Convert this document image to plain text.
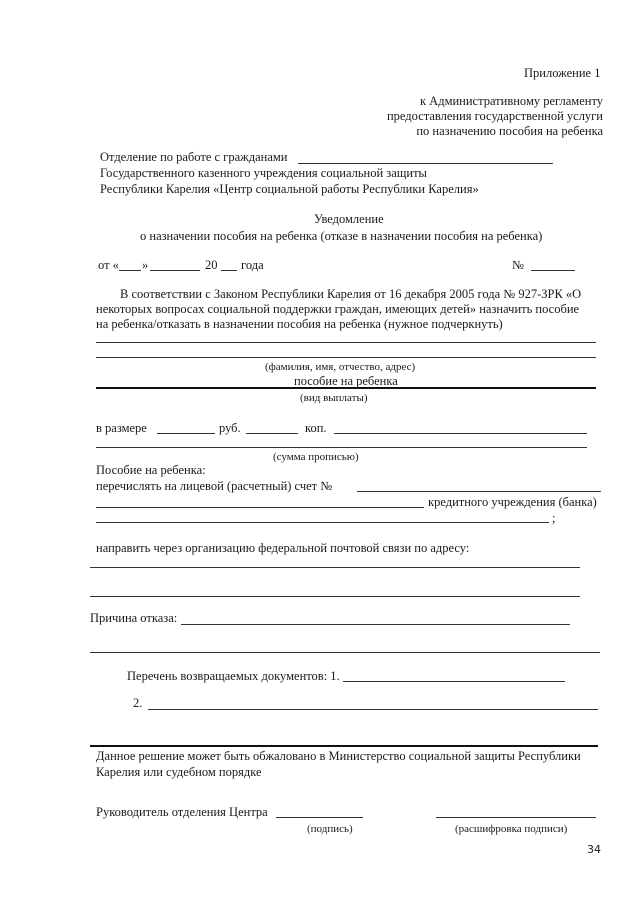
Приложение 1
к Административному регламенту
предоставления государственной услуги
по назначению пособия на ребенка
Отделение по работе с гражданами
Государственного казенного учреждения социальной защиты
Республики Карелия «Центр социальной работы Республики Карелия»
Уведомление
о назначении пособия на ребенка (отказе в назначении пособия на ребенка)
от « »	20 года	№
В соответствии с Законом Республики Карелия от 16 декабря 2005 года № 927-ЗРК «О
некоторых вопросах социальной поддержки граждан, имеющих детей» назначить пособие
на ребенка/отказать в назначении пособия на ребенка (нужное подчеркнуть)
(фамилия, имя, отчество, адрес)
пособие на ребенка
(вид выплаты)
в размере	руб.	коп.
(сумма прописью)
Пособие на ребенка:
перечислять на лицевой (расчетный) счет №
кредитного учреждения (банка)
;
направить через организацию федеральной почтовой связи по адресу:
Причина отказа:
Перечень возвращаемых документов: 1.
2.
Данное решение может быть обжаловано в Министерство социальной защиты Республики
Карелия или судебном порядке
Руководитель отделения Центра
(подпись)	(расшифровка подписи)
34
